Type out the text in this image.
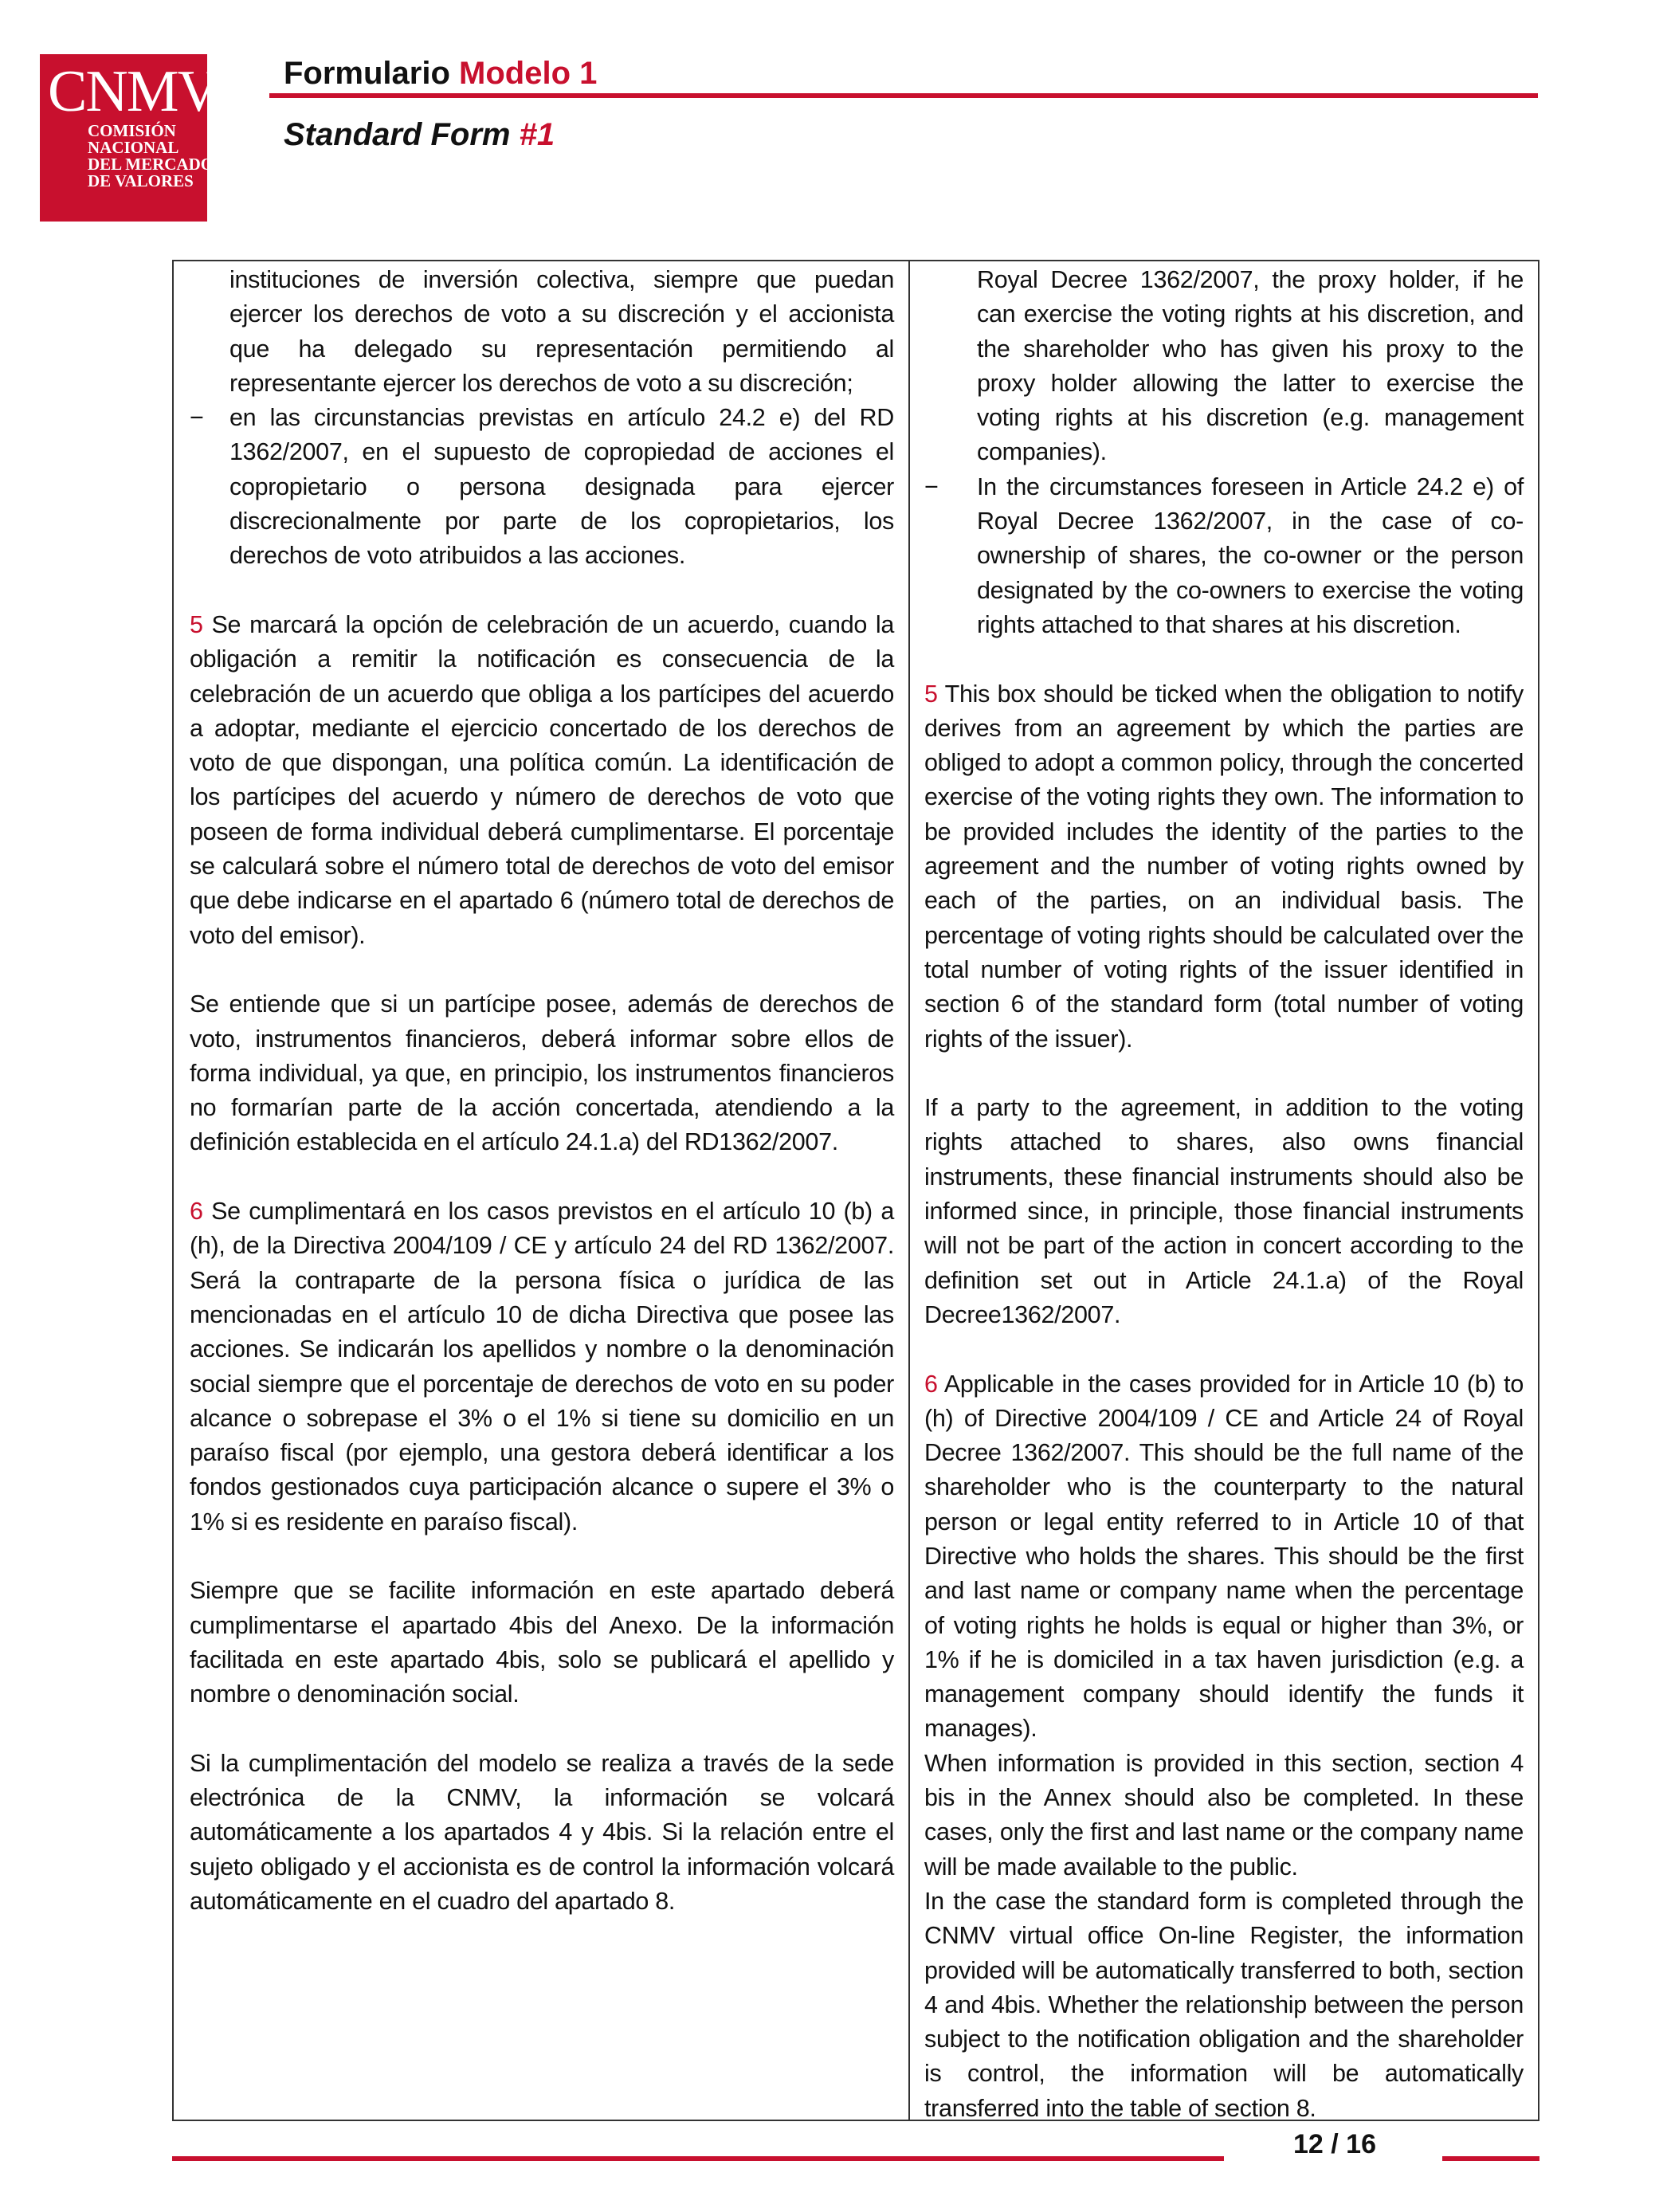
CNMV
COMISIÓN
NACIONAL
DEL MERCADO
DE VALORES
Formulario Modelo 1
Standard Form #1

instituciones de inversión colectiva, siempre que puedan ejercer los derechos de voto a su discreción y el accionista que ha delegado su representación permitiendo al representante ejercer los derechos de voto a su discreción;

− en las circunstancias previstas en artículo 24.2 e) del RD 1362/2007, en el supuesto de copropiedad de acciones el copropietario o persona designada para ejercer discrecionalmente por parte de los copropietarios, los derechos de voto atribuidos a las acciones.

5 Se marcará la opción de celebración de un acuerdo, cuando la obligación a remitir la notificación es consecuencia de la celebración de un acuerdo que obliga a los partícipes del acuerdo a adoptar, mediante el ejercicio concertado de los derechos de voto de que dispongan, una política común. La identificación de los partícipes del acuerdo y número de derechos de voto que poseen de forma individual deberá cumplimentarse. El porcentaje se calculará sobre el número total de derechos de voto del emisor que debe indicarse en el apartado 6 (número total de derechos de voto del emisor).

Se entiende que si un partícipe posee, además de derechos de voto, instrumentos financieros, deberá informar sobre ellos de forma individual, ya que, en principio, los instrumentos financieros no formarían parte de la acción concertada, atendiendo a la definición establecida en el artículo 24.1.a) del RD1362/2007.

6 Se cumplimentará en los casos previstos en el artículo 10 (b) a (h), de la Directiva 2004/109 / CE y artículo 24 del RD 1362/2007. Será la contraparte de la persona física o jurídica de las mencionadas en el artículo 10 de dicha Directiva que posee las acciones. Se indicarán los apellidos y nombre o la denominación social siempre que el porcentaje de derechos de voto en su poder alcance o sobrepase el 3% o el 1% si tiene su domicilio en un paraíso fiscal (por ejemplo, una gestora deberá identificar a los fondos gestionados cuya participación alcance o supere el 3% o 1% si es residente en paraíso fiscal).

Siempre que se facilite información en este apartado deberá cumplimentarse el apartado 4bis del Anexo. De la información facilitada en este apartado 4bis, solo se publicará el apellido y nombre o denominación social.

Si la cumplimentación del modelo se realiza a través de la sede electrónica de la CNMV, la información se volcará automáticamente a los apartados 4 y 4bis. Si la relación entre el sujeto obligado y el accionista es de control la información volcará automáticamente en el cuadro del apartado 8.

Royal Decree 1362/2007, the proxy holder, if he can exercise the voting rights at his discretion, and the shareholder who has given his proxy to the proxy holder allowing the latter to exercise the voting rights at his discretion (e.g. management companies).

− In the circumstances foreseen in Article 24.2 e) of Royal Decree 1362/2007, in the case of co-ownership of shares, the co-owner or the person designated by the co-owners to exercise the voting rights attached to that shares at his discretion.

5 This box should be ticked when the obligation to notify derives from an agreement by which the parties are obliged to adopt a common policy, through the concerted exercise of the voting rights they own. The information to be provided includes the identity of the parties to the agreement and the number of voting rights owned by each of the parties, on an individual basis. The percentage of voting rights should be calculated over the total number of voting rights of the issuer identified in section 6 of the standard form (total number of voting rights of the issuer).

If a party to the agreement, in addition to the voting rights attached to shares, also owns financial instruments, these financial instruments should also be informed since, in principle, those financial instruments will not be part of the action in concert according to the definition set out in Article 24.1.a) of the Royal Decree1362/2007.

6 Applicable in the cases provided for in Article 10 (b) to (h) of Directive 2004/109 / CE and Article 24 of Royal Decree 1362/2007. This should be the full name of the shareholder who is the counterparty to the natural person or legal entity referred to in Article 10 of that Directive who holds the shares. This should be the first and last name or company name when the percentage of voting rights he holds is equal or higher than 3%, or 1% if he is domiciled in a tax haven jurisdiction (e.g. a management company should identify the funds it manages).

When information is provided in this section, section 4 bis in the Annex should also be completed. In these cases, only the first and last name or the company name will be made available to the public.

In the case the standard form is completed through the CNMV virtual office On-line Register, the information provided will be automatically transferred to both, section 4 and 4bis. Whether the relationship between the person subject to the notification obligation and the shareholder is control, the information will be automatically transferred into the table of section 8.

12 / 16
